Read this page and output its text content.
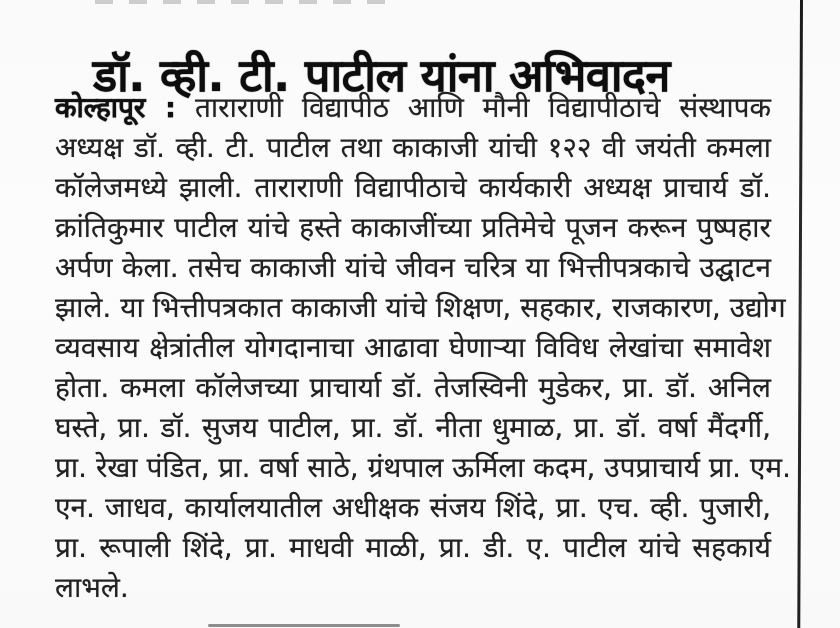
डॉ. व्ही. टी. पाटील यांना अभिवादन
कोल्हापूर : ताराराणी विद्यापीठ आणि मौनी विद्यापीठाचे संस्थापक
अध्यक्ष डॉ. व्ही. टी. पाटील तथा काकाजी यांची १२२ वी जयंती कमला
कॉलेजमध्ये झाली. ताराराणी विद्यापीठाचे कार्यकारी अध्यक्ष प्राचार्य डॉ.
क्रांतिकुमार पाटील यांचे हस्ते काकाजींच्या प्रतिमेचे पूजन करून पुष्पहार
अर्पण केला. तसेच काकाजी यांचे जीवन चरित्र या भित्तीपत्रकाचे उद्घाटन
झाले. या भित्तीपत्रकात काकाजी यांचे शिक्षण, सहकार, राजकारण, उद्योग
व्यवसाय क्षेत्रांतील योगदानाचा आढावा घेणाऱ्या विविध लेखांचा समावेश
होता. कमला कॉलेजच्या प्राचार्या डॉ. तेजस्विनी मुडेकर, प्रा. डॉ. अनिल
घस्ते, प्रा. डॉ. सुजय पाटील, प्रा. डॉ. नीता धुमाळ, प्रा. डॉ. वर्षा मैंदर्गी,
प्रा. रेखा पंडित, प्रा. वर्षा साठे, ग्रंथपाल ऊर्मिला कदम, उपप्राचार्य प्रा. एम.
एन. जाधव, कार्यालयातील अधीक्षक संजय शिंदे, प्रा. एच. व्ही. पुजारी,
प्रा. रूपाली शिंदे, प्रा. माधवी माळी, प्रा. डी. ए. पाटील यांचे सहकार्य
लाभले.
